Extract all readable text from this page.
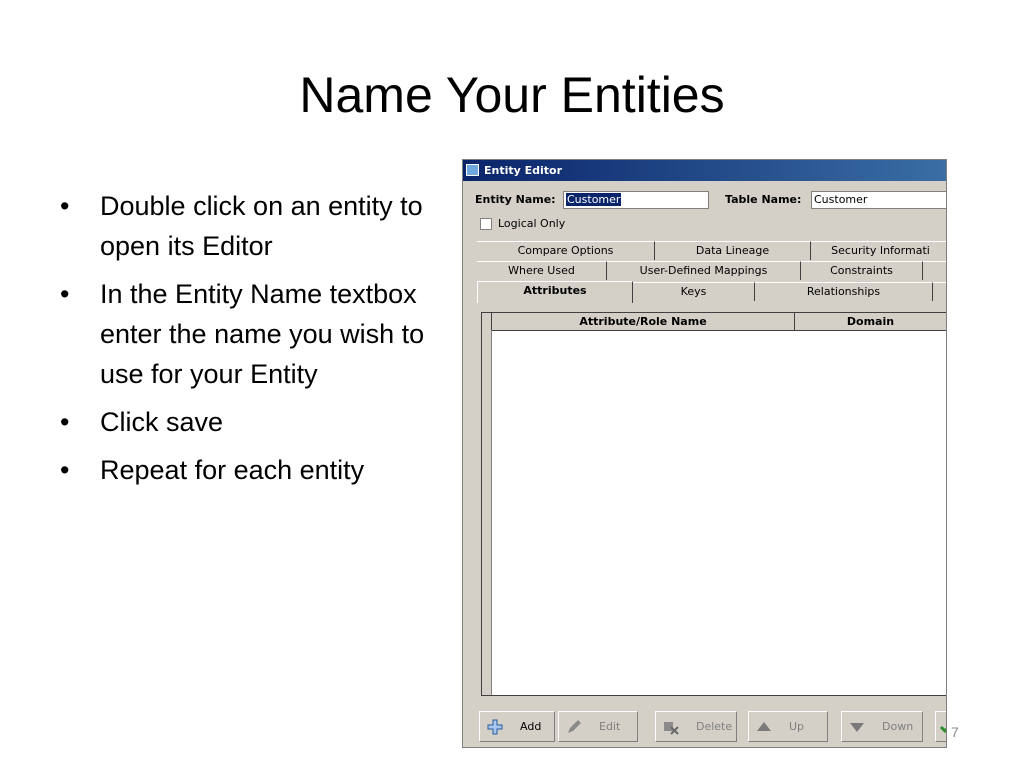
Name Your Entities
• Double click on an entity to open its Editor
• In the Entity Name textbox enter the name you wish to use for your Entity
• Click save
• Repeat for each entity
Entity Editor
Entity Name:	Customer	Table Name: Customer
Logical Only
Compare Options	Data Lineage	Security Informati
Where Used	User-Defined Mappings	Constraints
Attributes	Keys	Relationships
Attribute/Role Name	Domain
Add	Edit	Delete	Up	Down	7
